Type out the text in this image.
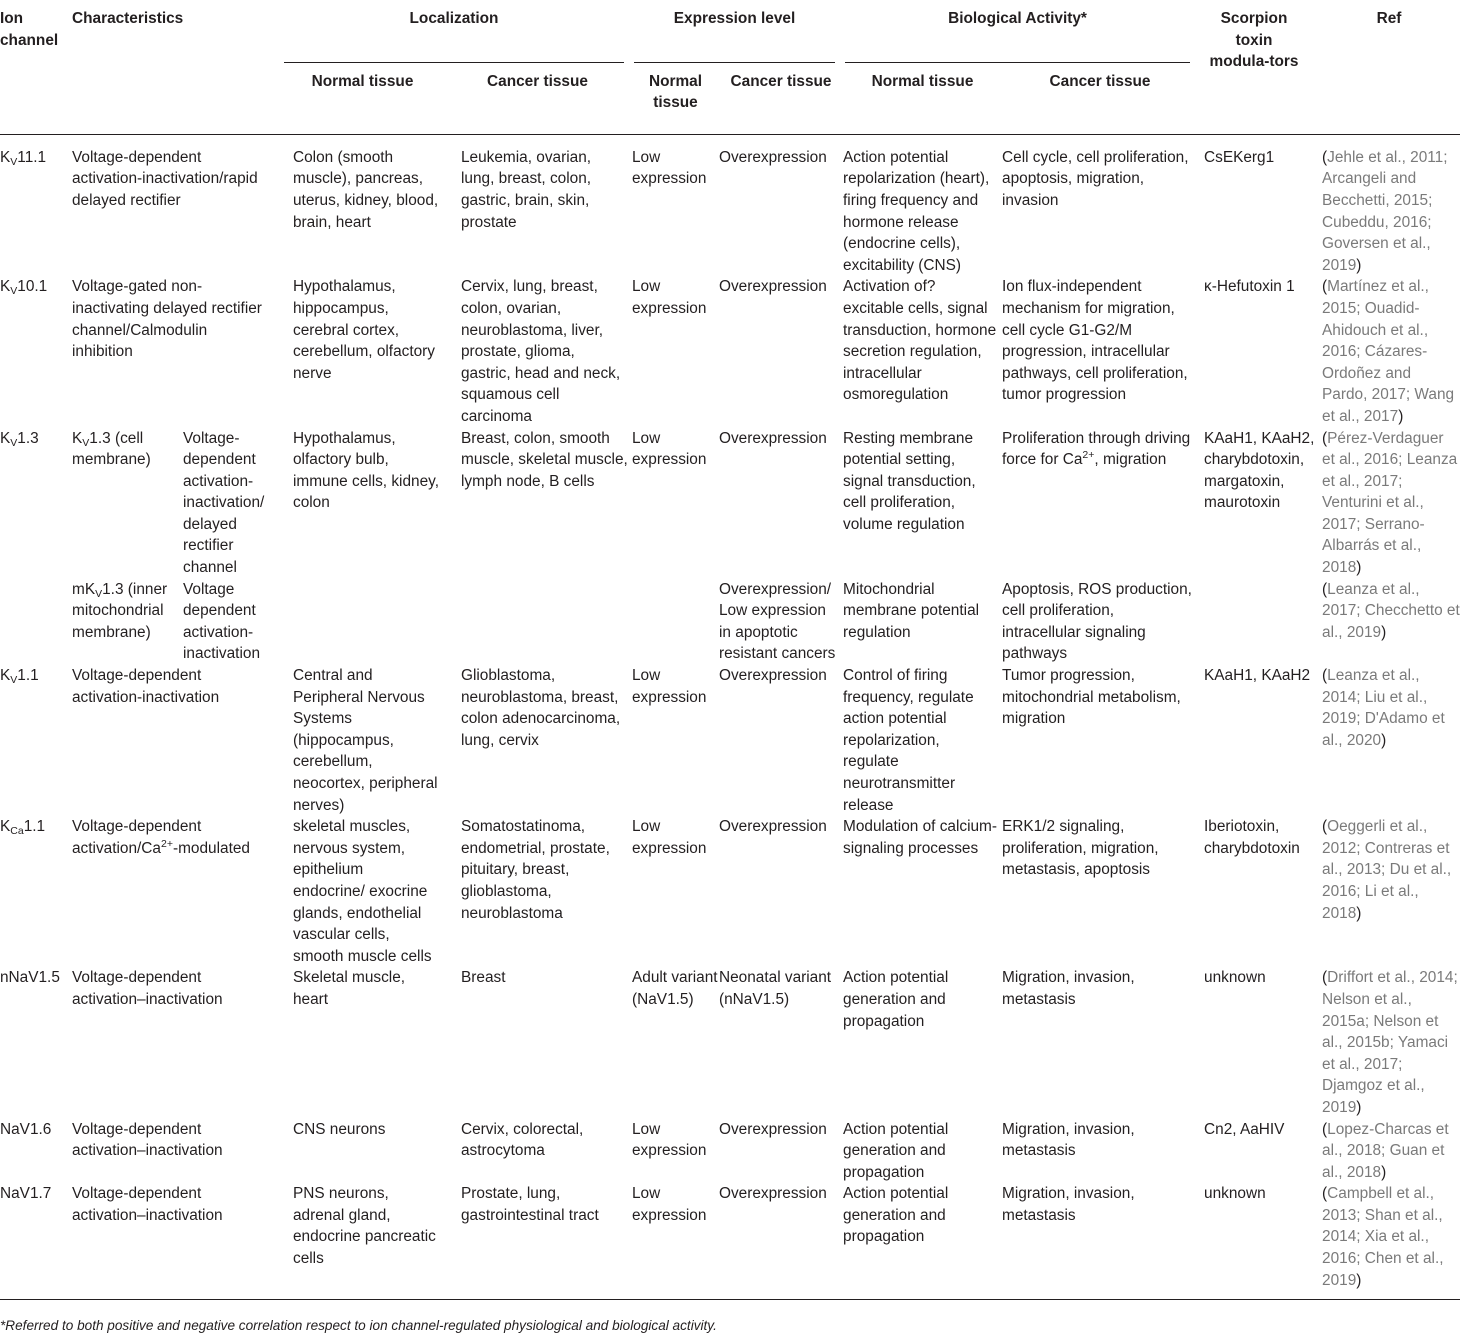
Ion channel	Characteristics		Localization		Expression level		Biological Activity*		Scorpion toxin modula-tors	Ref
			Normal tissue	Cancer tissue	Normal tissue	Cancer tissue	Normal tissue	Cancer tissue		
$K_V11.1$	Voltage-dependent activation-inactivation/rapid delayed rectifier		Colon (smooth muscle), pancreas, uterus, kidney, blood, brain, heart	Leukemia, ovarian, lung, breast, colon, gastric, brain, skin, prostate	Low expression	Overexpression	Action potential repolarization (heart), firing frequency and hormone release (endocrine cells), excitability (CNS)	Cell cycle, cell proliferation, apoptosis, migration, invasion	CsEKerg1	(Jehle et al., 2011; Arcangeli and Becchetti, 2015; Cubeddu, 2016; Goversen et al., 2019)
$K_V10.1$	Voltage-gated non-inactivating delayed rectifier channel/Calmodulin inhibition		Hypothalamus, hippocampus, cerebral cortex, cerebellum, olfactory nerve	Cervix, lung, breast, colon, ovarian, neuroblastoma, liver, prostate, glioma, gastric, head and neck, squamous cell carcinoma	Low expression	Overexpression	Activation of? excitable cells, signal transduction, hormone secretion regulation, intracellular osmoregulation	Ion flux-independent mechanism for migration, cell cycle G1-G2/M progression, intracellular pathways, cell proliferation, tumor progression	κ-Hefutoxin 1	(Martínez et al., 2015; Ouadid-Ahidouch et al., 2016; Cázares-Ordoñez and Pardo, 2017; Wang et al., 2017)
$K_V1.3$	$K_V1.3$ (cell membrane)	Voltage-dependent activation-inactivation/ delayed rectifier channel	Hypothalamus, olfactory bulb, immune cells, kidney, colon	Breast, colon, smooth muscle, skeletal muscle, lymph node, B cells	Low expression	Overexpression	Resting membrane potential setting, signal transduction, cell proliferation, volume regulation	Proliferation through driving force for $Ca^{2+}$, migration	KAaH1, KAaH2, charybdotoxin, margatoxin, maurotoxin	(Pérez-Verdaguer et al., 2016; Leanza et al., 2017; Venturini et al., 2017; Serrano-Albarrás et al., 2018)
	$mK_V1.3$ (inner mitochondrial membrane)	Voltage dependent activation-inactivation				Overexpression/ Low expression in apoptotic resistant cancers	Mitochondrial membrane potential regulation	Apoptosis, ROS production, cell proliferation, intracellular signaling pathways		(Leanza et al., 2017; Checchetto et al., 2019)
$K_V1.1$	Voltage-dependent activation-inactivation		Central and Peripheral Nervous Systems (hippocampus, cerebellum, neocortex, peripheral nerves)	Glioblastoma, neuroblastoma, breast, colon adenocarcinoma, lung, cervix	Low expression	Overexpression	Control of firing frequency, regulate action potential repolarization, regulate neurotransmitter release	Tumor progression, mitochondrial metabolism, migration	KAaH1, KAaH2	(Leanza et al., 2014; Liu et al., 2019; D'Adamo et al., 2020)
$K_{Ca}1.1$	Voltage-dependent activation/$Ca^{2+}$-modulated		skeletal muscles, nervous system, epithelium endocrine/ exocrine glands, endothelial vascular cells, smooth muscle cells	Somatostatinoma, endometrial, prostate, pituitary, breast, glioblastoma, neuroblastoma	Low expression	Overexpression	Modulation of calcium-signaling processes	ERK1/2 signaling, proliferation, migration, metastasis, apoptosis	Iberiotoxin, charybdotoxin	(Oeggerli et al., 2012; Contreras et al., 2013; Du et al., 2016; Li et al., 2018)
nNaV1.5	Voltage-dependent activation–inactivation		Skeletal muscle, heart	Breast	Adult variant (NaV1.5)	Neonatal variant (nNaV1.5)	Action potential generation and propagation	Migration, invasion, metastasis	unknown	(Driffort et al., 2014; Nelson et al., 2015a; Nelson et al., 2015b; Yamaci et al., 2017; Djamgoz et al., 2019)
NaV1.6	Voltage-dependent activation–inactivation		CNS neurons	Cervix, colorectal, astrocytoma	Low expression	Overexpression	Action potential generation and propagation	Migration, invasion, metastasis	Cn2, AaHIV	(Lopez-Charcas et al., 2018; Guan et al., 2018)
NaV1.7	Voltage-dependent activation–inactivation		PNS neurons, adrenal gland, endocrine pancreatic cells	Prostate, lung, gastrointestinal tract	Low expression	Overexpression	Action potential generation and propagation	Migration, invasion, metastasis	unknown	(Campbell et al., 2013; Shan et al., 2014; Xia et al., 2016; Chen et al., 2019)
*Referred to both positive and negative correlation respect to ion channel-regulated physiological and biological activity.
